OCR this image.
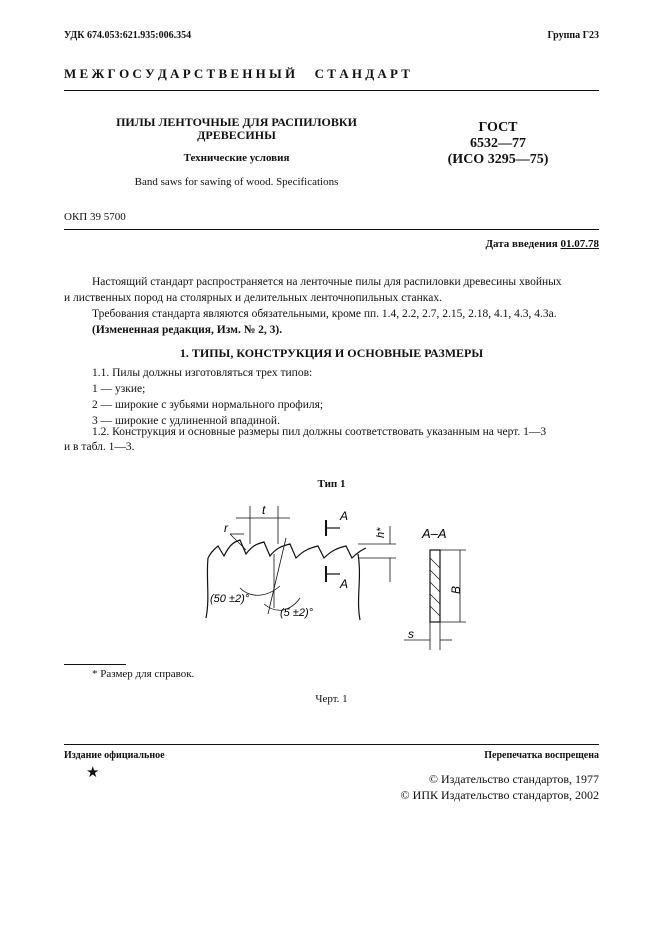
УДК 674.053:621.935:006.354	Группа Г23
М Е Ж Г О С У Д А Р С Т В Е Н Н Ы Й      С Т А Н Д А Р Т
ПИЛЫ ЛЕНТОЧНЫЕ ДЛЯ РАСПИЛОВКИ
ДРЕВЕСИНЫ
Технические условия
Band saws for sawing of wood. Specifications
ГОСТ
6532—77
(ИСО 3295—75)
ОКП 39 5700
Дата введения 01.07.78
Настоящий стандарт распространяется на ленточные пилы для распиловки древесины хвойных
и лиственных пород на столярных и делительных ленточнопильных станках.
Требования стандарта являются обязательными, кроме пп. 1.4, 2.2, 2.7, 2.15, 2.18, 4.1, 4.3, 4.3а.
(Измененная редакция, Изм. № 2, 3).
1. ТИПЫ, КОНСТРУКЦИЯ И ОСНОВНЫЕ РАЗМЕРЫ
1.1. Пилы должны изготовляться трех типов:
1 — узкие;
2 — широкие с зубьями нормального профиля;
3 — широкие с удлиненной впадиной.
1.2. Конструкция и основные размеры пил должны соответствовать указанным на черт. 1—3
и в табл. 1—3.
Тип 1
t
r
A
A
h*
(50 ±2)°
(5 ±2)°
A–A
B
s
* Размер для справок.
Черт. 1
Издание официальное	Перепечатка воспрещена
★	© Издательство стандартов, 1977
© ИПК Издательство стандартов, 2002
